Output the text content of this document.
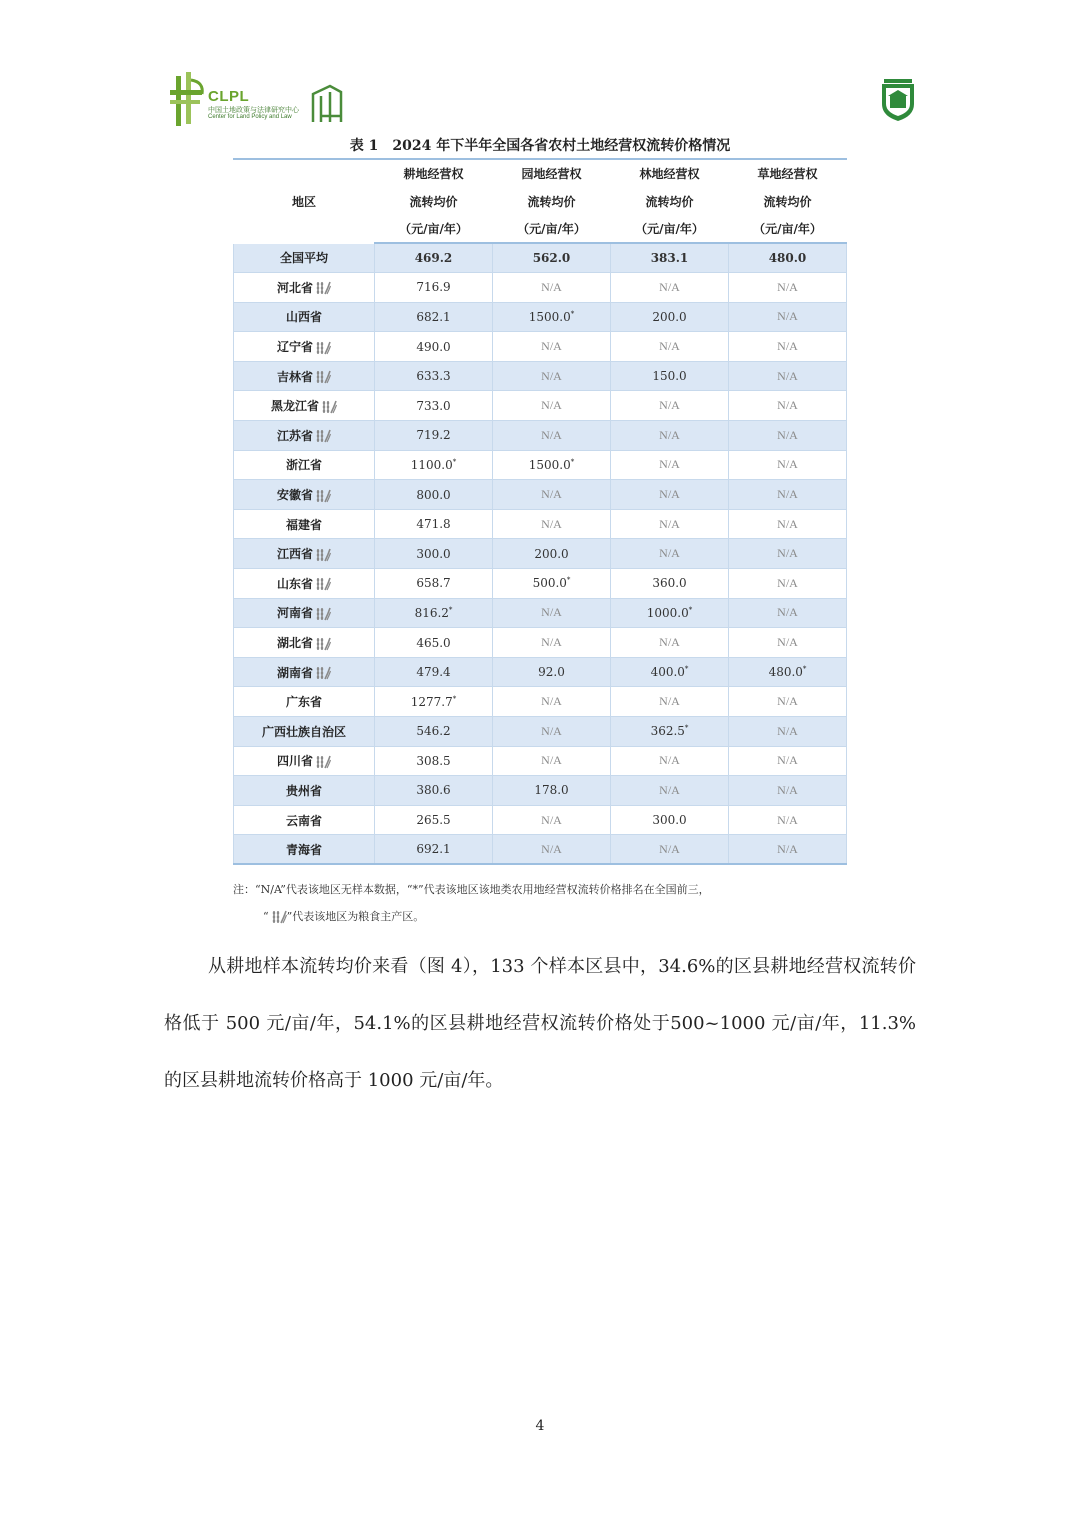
CLPL
中国土地政策与法律研究中心
Center for Land Policy and Law
表 1　2024 年下半年全国各省农村土地经营权流转价格情况
地区	耕地经营权	园地经营权	林地经营权	草地经营权
	流转均价	流转均价	流转均价	流转均价
	（元/亩/年）	（元/亩/年）	（元/亩/年）	（元/亩/年）
全国平均	469.2	562.0	383.1	480.0
河北省	716.9	N/A	N/A	N/A
山西省	682.1	1500.0*	200.0	N/A
辽宁省	490.0	N/A	N/A	N/A
吉林省	633.3	N/A	150.0	N/A
黑龙江省	733.0	N/A	N/A	N/A
江苏省	719.2	N/A	N/A	N/A
浙江省	1100.0*	1500.0*	N/A	N/A
安徽省	800.0	N/A	N/A	N/A
福建省	471.8	N/A	N/A	N/A
江西省	300.0	200.0	N/A	N/A
山东省	658.7	500.0*	360.0	N/A
河南省	816.2*	N/A	1000.0*	N/A
湖北省	465.0	N/A	N/A	N/A
湖南省	479.4	92.0	400.0*	480.0*
广东省	1277.7*	N/A	N/A	N/A
广西壮族自治区	546.2	N/A	362.5*	N/A
四川省	308.5	N/A	N/A	N/A
贵州省	380.6	178.0	N/A	N/A
云南省	265.5	N/A	300.0	N/A
青海省	692.1	N/A	N/A	N/A
注：“N/A”代表该地区无样本数据，“*”代表该地区该地类农用地经营权流转价格排名在全国前三，
“ ”代表该地区为粮食主产区。
从耕地样本流转均价来看（图 4），133 个样本区县中，34.6%的区县耕地经营权流转价格低于 500 元/亩/年，54.1%的区县耕地经营权流转价格处于500~1000 元/亩/年，11.3%的区县耕地流转价格高于 1000 元/亩/年。
4
